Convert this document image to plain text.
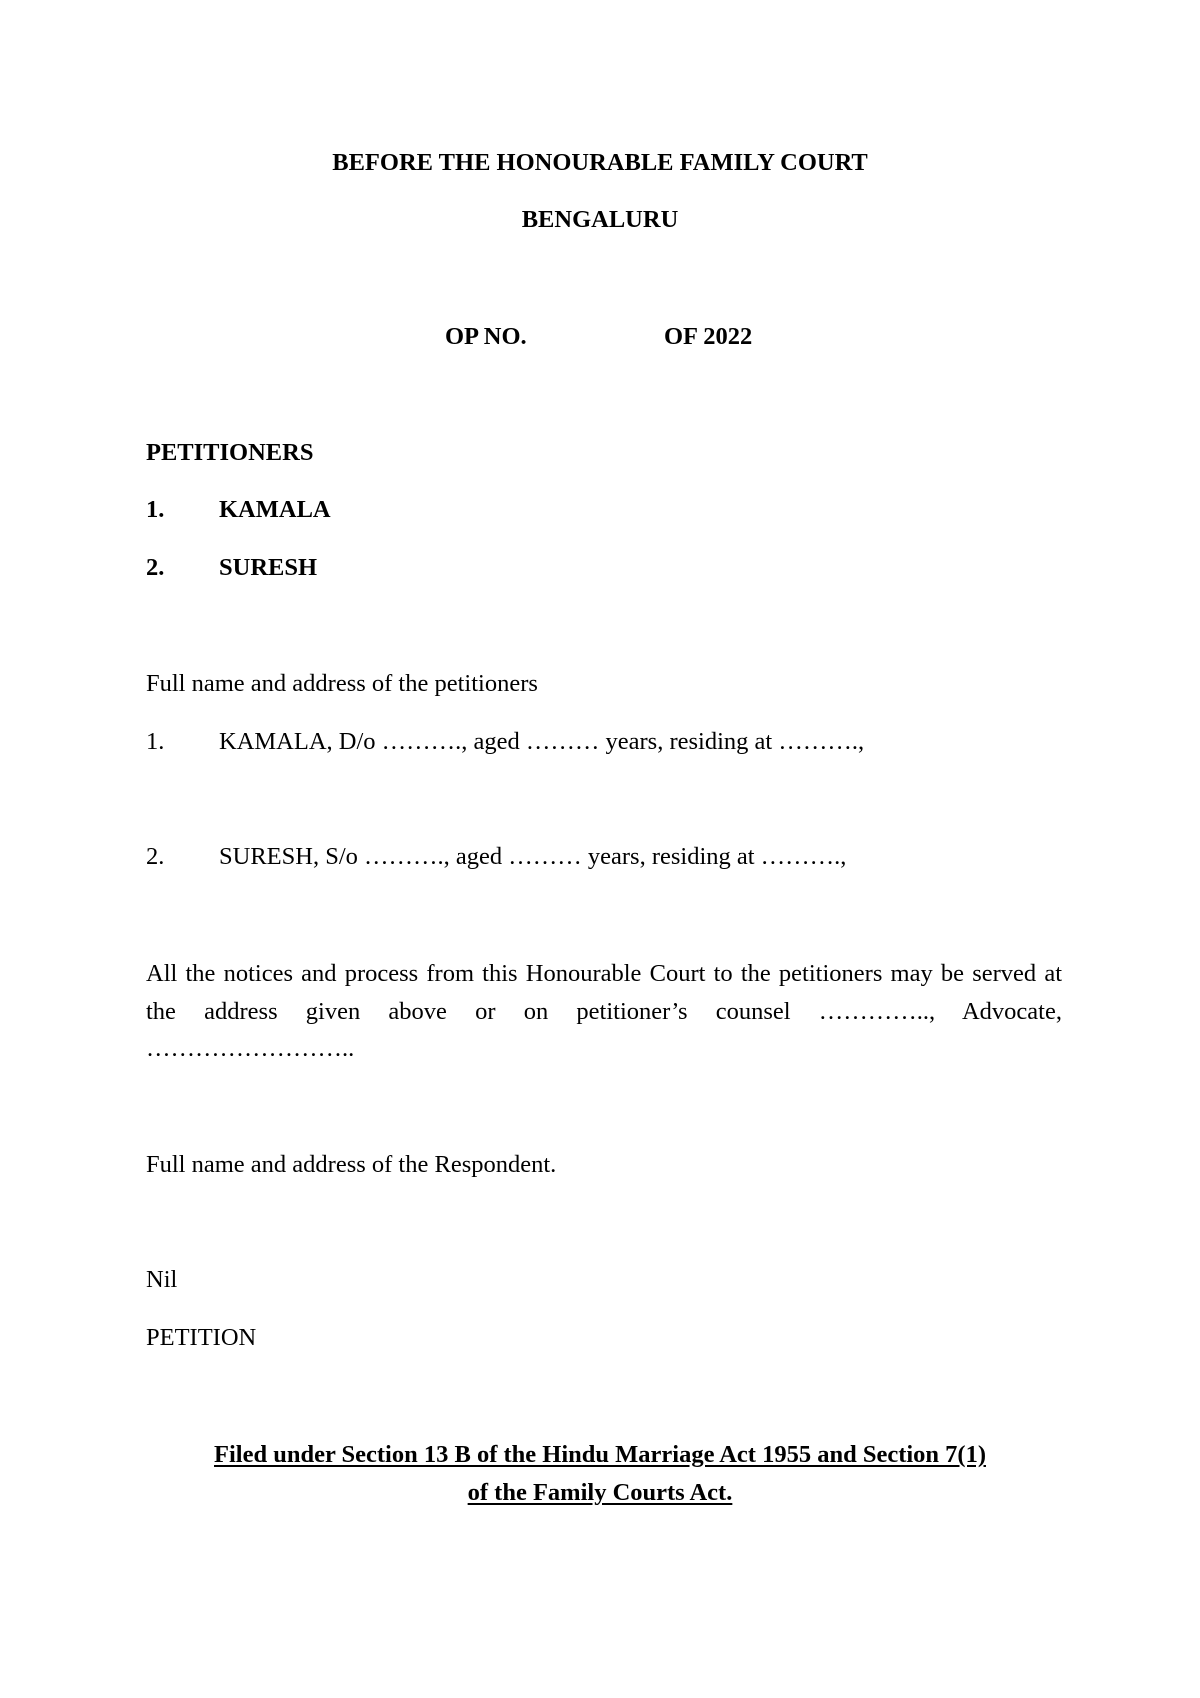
BEFORE THE HONOURABLE FAMILY COURT
BENGALURU
OP NO.	OF 2022
PETITIONERS
1. KAMALA
2. SURESH
Full name and address of the petitioners
1. KAMALA, D/o ………., aged ……… years, residing at ……….,
2. SURESH, S/o ………., aged ……… years, residing at ……….,
All the notices and process from this Honourable Court to the petitioners may be served at the address given above or on petitioner’s counsel ………….., Advocate, ……………………..
Full name and address of the Respondent.
Nil
PETITION
Filed under Section 13 B of the Hindu Marriage Act 1955 and Section 7(1)
of the Family Courts Act.
